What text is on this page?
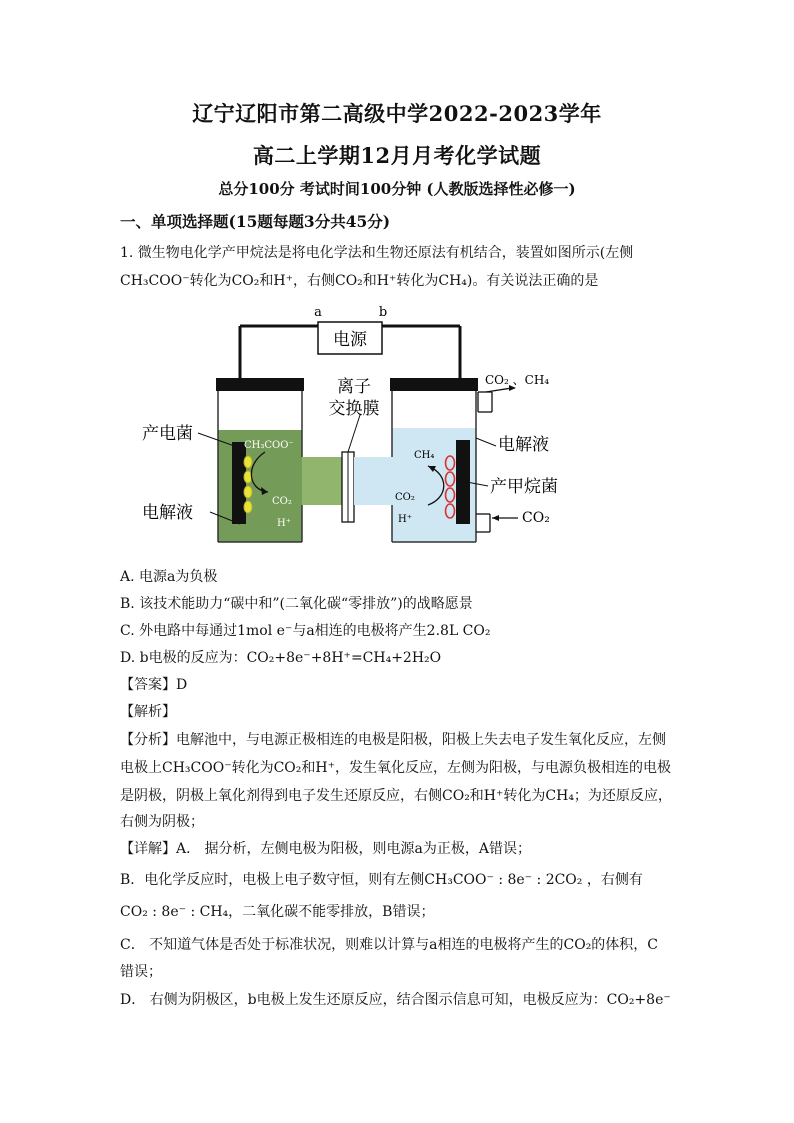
辽宁辽阳市第二高级中学2022-2023学年
高二上学期12月月考化学试题
总分100分 考试时间100分钟 (人教版选择性必修一)
一、单项选择题(15题每题3分共45分)
1. 微生物电化学产甲烷法是将电化学法和生物还原法有机结合，装置如图所示(左侧
CH₃COO⁻转化为CO₂和H⁺，右侧CO₂和H⁺转化为CH₄)。有关说法正确的是
电源
a	b
CH₃COO⁻
CO₂
H⁺
离子
交换膜
CH₄
CO₂
H⁺
CO₂ 、CH₄
CO₂
产电菌
电解液
电解液
产甲烷菌
A. 电源a为负极
B. 该技术能助力“碳中和”(二氧化碳“零排放”)的战略愿景
C. 外电路中每通过1mol e⁻与a相连的电极将产生2.8L CO₂
D. b电极的反应为：CO₂+8e⁻+8H⁺=CH₄+2H₂O
【答案】D
【解析】
【分析】电解池中，与电源正极相连的电极是阳极，阳极上失去电子发生氧化反应，左侧
电极上CH₃COO⁻转化为CO₂和H⁺，发生氧化反应，左侧为阳极，与电源负极相连的电极
是阴极，阴极上氧化剂得到电子发生还原反应，右侧CO₂和H⁺转化为CH₄；为还原反应，
右侧为阴极；
【详解】A． 据分析，左侧电极为阳极，则电源a为正极，A错误；
B．电化学反应时，电极上电子数守恒，则有左侧CH₃COO⁻ : 8e⁻ : 2CO₂ ，右侧有
CO₂ : 8e⁻ : CH₄，二氧化碳不能零排放，B错误；
C． 不知道气体是否处于标准状况，则难以计算与a相连的电极将产生的CO₂的体积，C
错误；
D． 右侧为阴极区，b电极上发生还原反应，结合图示信息可知，电极反应为：CO₂+8e⁻
